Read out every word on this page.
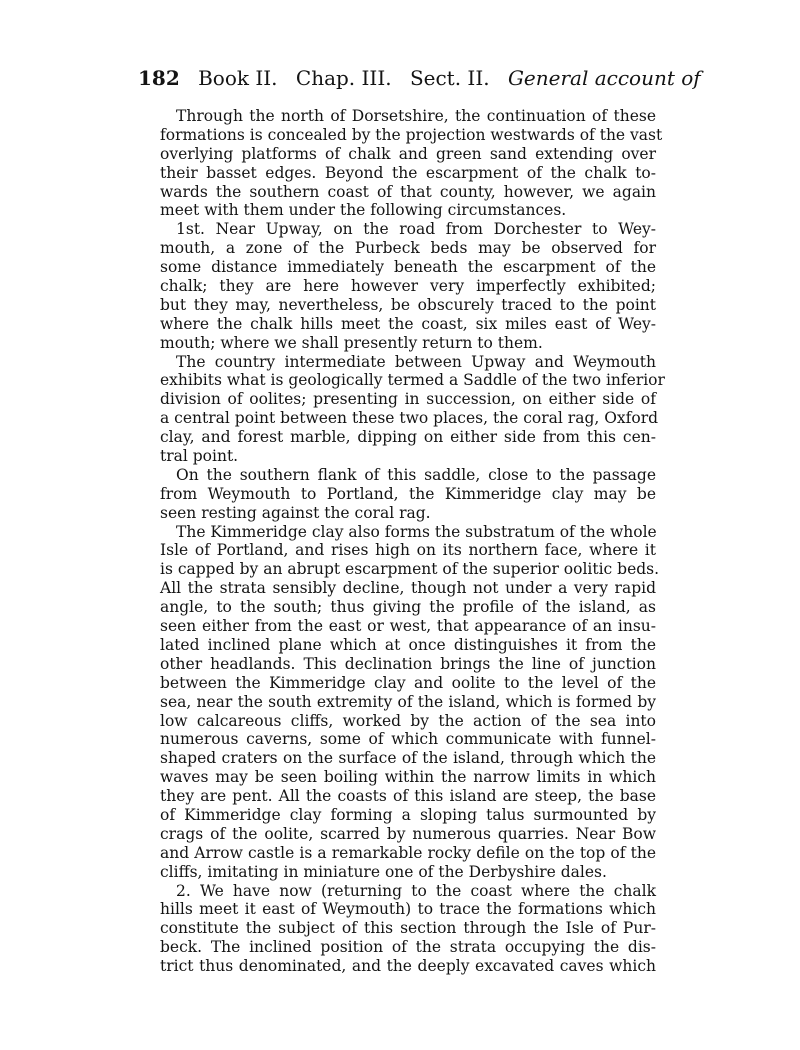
182 Book II. Chap. III. Sect. II. General account of
Through the north of Dorsetshire, the continuation of these
formations is concealed by the projection westwards of the vast
overlying platforms of chalk and green sand extending over
their basset edges. Beyond the escarpment of the chalk to-
wards the southern coast of that county, however, we again
meet with them under the following circumstances.
1st. Near Upway, on the road from Dorchester to Wey-
mouth, a zone of the Purbeck beds may be observed for
some distance immediately beneath the escarpment of the
chalk; they are here however very imperfectly exhibited;
but they may, nevertheless, be obscurely traced to the point
where the chalk hills meet the coast, six miles east of Wey-
mouth; where we shall presently return to them.
The country intermediate between Upway and Weymouth
exhibits what is geologically termed a Saddle of the two inferior
division of oolites; presenting in succession, on either side of
a central point between these two places, the coral rag, Oxford
clay, and forest marble, dipping on either side from this cen-
tral point.
On the southern flank of this saddle, close to the passage
from Weymouth to Portland, the Kimmeridge clay may be
seen resting against the coral rag.
The Kimmeridge clay also forms the substratum of the whole
Isle of Portland, and rises high on its northern face, where it
is capped by an abrupt escarpment of the superior oolitic beds.
All the strata sensibly decline, though not under a very rapid
angle, to the south; thus giving the profile of the island, as
seen either from the east or west, that appearance of an insu-
lated inclined plane which at once distinguishes it from the
other headlands. This declination brings the line of junction
between the Kimmeridge clay and oolite to the level of the
sea, near the south extremity of the island, which is formed by
low calcareous cliffs, worked by the action of the sea into
numerous caverns, some of which communicate with funnel-
shaped craters on the surface of the island, through which the
waves may be seen boiling within the narrow limits in which
they are pent. All the coasts of this island are steep, the base
of Kimmeridge clay forming a sloping talus surmounted by
crags of the oolite, scarred by numerous quarries. Near Bow
and Arrow castle is a remarkable rocky defile on the top of the
cliffs, imitating in miniature one of the Derbyshire dales.
2. We have now (returning to the coast where the chalk
hills meet it east of Weymouth) to trace the formations which
constitute the subject of this section through the Isle of Pur-
beck. The inclined position of the strata occupying the dis-
trict thus denominated, and the deeply excavated caves which
